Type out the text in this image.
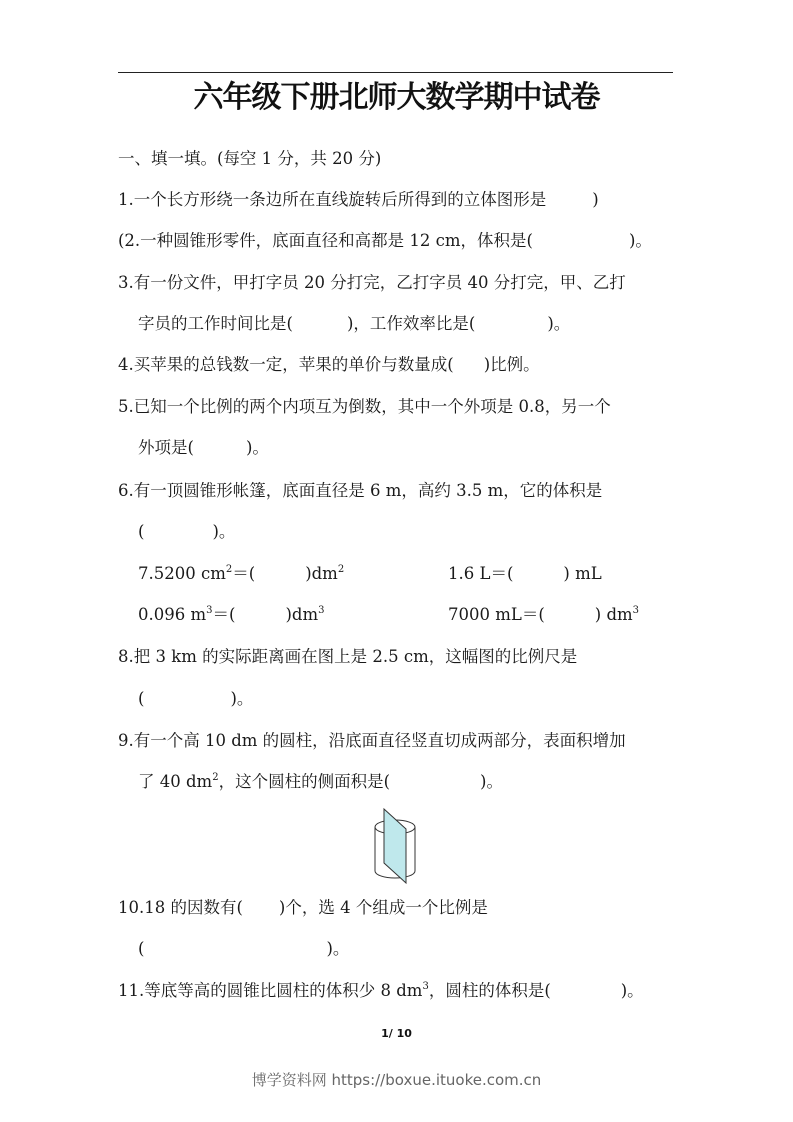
六年级下册北师大数学期中试卷
一、填一填。(每空 1 分，共 20 分)
1.一个长方形绕一条边所在直线旋转后所得到的立体图形是	)
(2.一种圆锥形零件，底面直径和高都是 12 cm，体积是(	)。
3.有一份文件，甲打字员 20 分打完，乙打字员 40 分打完，甲、乙打
字员的工作时间比是(	)，工作效率比是(	)。
4.买苹果的总钱数一定，苹果的单价与数量成( )比例。
5.已知一个比例的两个内项互为倒数，其中一个外项是 0.8，另一个
外项是(	)。
6.有一顶圆锥形帐篷，底面直径是 6 m，高约 3.5 m，它的体积是
(	)。
7.5200 $cm^2=$(	)$dm^2$	1.6 L＝(	) mL
0.096 $m^3=$(	)$dm^3$	7000 mL＝(	) $dm^3$
8.把 3 km 的实际距离画在图上是 2.5 cm，这幅图的比例尺是
(	)。
9.有一个高 10 dm 的圆柱，沿底面直径竖直切成两部分，表面积增加
了 40 $dm^2$，这个圆柱的侧面积是(	)。
10.18 的因数有( )个，选 4 个组成一个比例是
(	)。
11.等底等高的圆锥比圆柱的体积少 8 $dm^3$，圆柱的体积是(	)。
1/ 10
博学资料网 https://boxue.ituoke.com.cn
